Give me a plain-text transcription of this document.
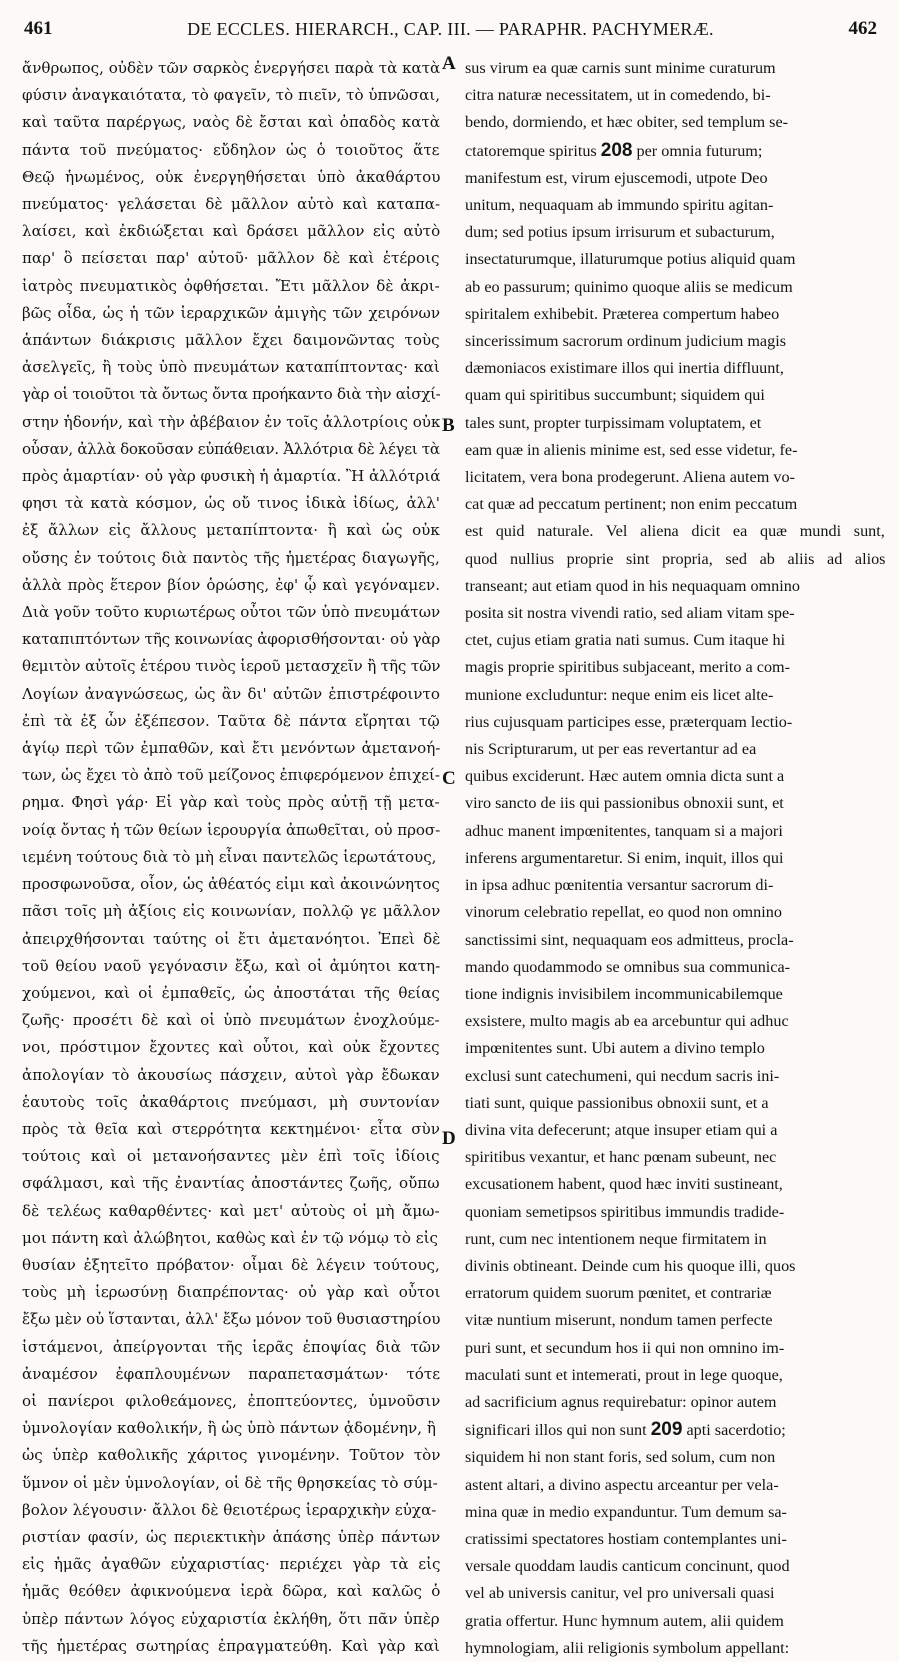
461	DE ECCLES. HIERARCH., CAP. III. — PARAPHR. PACHYMERÆ.	462
ἄνθρωπος, οὐδὲν τῶν σαρκὸς ἐνεργήσει παρὰ τὰ κατὰ
φύσιν ἀναγκαιότατα, τὸ φαγεῖν, τὸ πιεῖν, τὸ ὑπνῶσαι,
καὶ ταῦτα παρέργως, ναὸς δὲ ἔσται καὶ ὀπαδὸς κατὰ
πάντα τοῦ πνεύματος· εὔδηλον ὡς ὁ τοιοῦτος ἅτε
Θεῷ ἡνωμένος, οὐκ ἐνεργηθήσεται ὑπὸ ἀκαθάρτου
πνεύματος· γελάσεται δὲ μᾶλλον αὐτὸ καὶ καταπα-
λαίσει, καὶ ἐκδιώξεται καὶ δράσει μᾶλλον εἰς αὐτὸ
παρ' ὃ πείσεται παρ' αὐτοῦ· μᾶλλον δὲ καὶ ἑτέροις
ἰατρὸς πνευματικὸς ὀφθήσεται. Ἔτι μᾶλλον δὲ ἀκρι-
βῶς οἶδα, ὡς ἡ τῶν ἱεραρχικῶν ἀμιγὴς τῶν χειρόνων
ἁπάντων διάκρισις μᾶλλον ἔχει δαιμονῶντας τοὺς
ἀσελγεῖς, ἢ τοὺς ὑπὸ πνευμάτων καταπίπτοντας· καὶ
γὰρ οἱ τοιοῦτοι τὰ ὄντως ὄντα προήκαντο διὰ τὴν αἰσχί-
στην ἡδονήν, καὶ τὴν ἀβέβαιον ἐν τοῖς ἀλλοτρίοις οὐκ
οὖσαν, ἀλλὰ δοκοῦσαν εὐπάθειαν. Ἀλλότρια δὲ λέγει τὰ
πρὸς ἁμαρτίαν· οὐ γὰρ φυσικὴ ἡ ἁμαρτία. Ἢ ἀλλότριά
φησι τὰ κατὰ κόσμον, ὡς οὔ τινος ἰδικὰ ἰδίως, ἀλλ'
ἐξ ἄλλων εἰς ἄλλους μεταπίπτοντα· ἢ καὶ ὡς οὐκ
οὔσης ἐν τούτοις διὰ παντὸς τῆς ἡμετέρας διαγωγῆς,
ἀλλὰ πρὸς ἕτερον βίον ὁρώσης, ἐφ' ᾧ καὶ γεγόναμεν.
Διὰ γοῦν τοῦτο κυριωτέρως οὗτοι τῶν ὑπὸ πνευμάτων
καταπιπτόντων τῆς κοινωνίας ἀφορισθήσονται· οὐ γὰρ
θεμιτὸν αὐτοῖς ἑτέρου τινὸς ἱεροῦ μετασχεῖν ἢ τῆς τῶν
Λογίων ἀναγνώσεως, ὡς ἂν δι' αὐτῶν ἐπιστρέφοιντο
ἐπὶ τὰ ἐξ ὧν ἐξέπεσον. Ταῦτα δὲ πάντα εἴρηται τῷ
ἁγίῳ περὶ τῶν ἐμπαθῶν, καὶ ἔτι μενόντων ἀμετανοή-
των, ὡς ἔχει τὸ ἀπὸ τοῦ μείζονος ἐπιφερόμενον ἐπιχεί-
ρημα. Φησὶ γάρ· Εἰ γὰρ καὶ τοὺς πρὸς αὐτῇ τῇ μετα-
νοίᾳ ὄντας ἡ τῶν θείων ἱερουργία ἀπωθεῖται, οὐ προσ-
ιεμένη τούτους διὰ τὸ μὴ εἶναι παντελῶς ἱερωτάτους,
προσφωνοῦσα, οἷον, ὡς ἀθέατός εἰμι καὶ ἀκοινώνητος
πᾶσι τοῖς μὴ ἀξίοις εἰς κοινωνίαν, πολλῷ γε μᾶλλον
ἀπειρχθήσονται ταύτης οἱ ἔτι ἀμετανόητοι. Ἐπεὶ δὲ
τοῦ θείου ναοῦ γεγόνασιν ἔξω, καὶ οἱ ἀμύητοι κατη-
χούμενοι, καὶ οἱ ἐμπαθεῖς, ὡς ἀποστάται τῆς θείας
ζωῆς· προσέτι δὲ καὶ οἱ ὑπὸ πνευμάτων ἐνοχλούμε-
νοι, πρόστιμον ἔχοντες καὶ οὗτοι, καὶ οὐκ ἔχοντες
ἀπολογίαν τὸ ἀκουσίως πάσχειν, αὐτοὶ γὰρ ἔδωκαν
ἑαυτοὺς τοῖς ἀκαθάρτοις πνεύμασι, μὴ συντονίαν
πρὸς τὰ θεῖα καὶ στερρότητα κεκτημένοι· εἶτα σὺν
τούτοις καὶ οἱ μετανοήσαντες μὲν ἐπὶ τοῖς ἰδίοις
σφάλμασι, καὶ τῆς ἐναντίας ἀποστάντες ζωῆς, οὔπω
δὲ τελέως καθαρθέντες· καὶ μετ' αὐτοὺς οἱ μὴ ἄμω-
μοι πάντη καὶ ἀλώβητοι, καθὼς καὶ ἐν τῷ νόμῳ τὸ εἰς
θυσίαν ἐξητεῖτο πρόβατον· οἶμαι δὲ λέγειν τούτους,
τοὺς μὴ ἱερωσύνῃ διαπρέποντας· οὐ γὰρ καὶ οὗτοι
ἔξω μὲν οὐ ἵστανται, ἀλλ' ἔξω μόνον τοῦ θυσιαστηρίου
ἱστάμενοι, ἀπείργονται τῆς ἱερᾶς ἐποψίας διὰ τῶν
ἀναμέσον ἐφαπλουμένων παραπετασμάτων· τότε
οἱ πανίεροι φιλοθεάμονες, ἐποπτεύοντες, ὑμνοῦσιν
ὑμνολογίαν καθολικήν, ἢ ὡς ὑπὸ πάντων ᾀδομένην, ἢ
ὡς ὑπὲρ καθολικῆς χάριτος γινομένην. Τοῦτον τὸν
ὕμνον οἱ μὲν ὑμνολογίαν, οἱ δὲ τῆς θρησκείας τὸ σύμ-
βολον λέγουσιν· ἄλλοι δὲ θειοτέρως ἱεραρχικὴν εὐχα-
ριστίαν φασίν, ὡς περιεκτικὴν ἁπάσης ὑπὲρ πάντων
εἰς ἡμᾶς ἀγαθῶν εὐχαριστίας· περιέχει γὰρ τὰ εἰς
ἡμᾶς θεόθεν ἀφικνούμενα ἱερὰ δῶρα, καὶ καλῶς ὁ
ὑπὲρ πάντων λόγος εὐχαριστία ἐκλήθη, ὅτι πᾶν ὑπὲρ
τῆς ἡμετέρας σωτηρίας ἐπραγματεύθη. Καὶ γὰρ καὶ
A
B
C
D
sus virum ea quæ carnis sunt minime curaturum
citra naturæ necessitatem, ut in comedendo, bi-
bendo, dormiendo, et hæc obiter, sed templum se-
ctatoremque spiritus 208 per omnia futurum;
manifestum est, virum ejuscemodi, utpote Deo
unitum, nequaquam ab immundo spiritu agitan-
dum; sed potius ipsum irrisurum et subacturum,
insectaturumque, illaturumque potius aliquid quam
ab eo passurum; quinimo quoque aliis se medicum
spiritalem exhibebit. Præterea compertum habeo
sincerissimum sacrorum ordinum judicium magis
dæmoniacos existimare illos qui inertia diffluunt,
quam qui spiritibus succumbunt; siquidem qui
tales sunt, propter turpissimam voluptatem, et
eam quæ in alienis minime est, sed esse videtur, fe-
licitatem, vera bona prodegerunt. Aliena autem vo-
cat quæ ad peccatum pertinent; non enim peccatum
est quid naturale. Vel aliena dicit ea quæ mundi sunt,
quod nullius proprie sint propria, sed ab aliis ad alios
transeant; aut etiam quod in his nequaquam omnino
posita sit nostra vivendi ratio, sed aliam vitam spe-
ctet, cujus etiam gratia nati sumus. Cum itaque hi
magis proprie spiritibus subjaceant, merito a com-
munione excluduntur: neque enim eis licet alte-
rius cujusquam participes esse, præterquam lectio-
nis Scripturarum, ut per eas revertantur ad ea
quibus exciderunt. Hæc autem omnia dicta sunt a
viro sancto de iis qui passionibus obnoxii sunt, et
adhuc manent impœnitentes, tanquam si a majori
inferens argumentaretur. Si enim, inquit, illos qui
in ipsa adhuc pœnitentia versantur sacrorum di-
vinorum celebratio repellat, eo quod non omnino
sanctissimi sint, nequaquam eos admitteus, procla-
mando quodammodo se omnibus sua communica-
tione indignis invisibilem incommunicabilemque
exsistere, multo magis ab ea arcebuntur qui adhuc
impœnitentes sunt. Ubi autem a divino templo
exclusi sunt catechumeni, qui necdum sacris ini-
tiati sunt, quique passionibus obnoxii sunt, et a
divina vita defecerunt; atque insuper etiam qui a
spiritibus vexantur, et hanc pœnam subeunt, nec
excusationem habent, quod hæc inviti sustineant,
quoniam semetipsos spiritibus immundis tradide-
runt, cum nec intentionem neque firmitatem in
divinis obtineant. Deinde cum his quoque illi, quos
erratorum quidem suorum pœnitet, et contrariæ
vitæ nuntium miserunt, nondum tamen perfecte
puri sunt, et secundum hos ii qui non omnino im-
maculati sunt et intemerati, prout in lege quoque,
ad sacrificium agnus requirebatur: opinor autem
significari illos qui non sunt 209 apti sacerdotio;
siquidem hi non stant foris, sed solum, cum non
astent altari, a divino aspectu arceantur per vela-
mina quæ in medio expanduntur. Tum demum sa-
cratissimi spectatores hostiam contemplantes uni-
versale quoddam laudis canticum concinunt, quod
vel ab universis canitur, vel pro universali quasi
gratia offertur. Hunc hymnum autem, alii quidem
hymnologiam, alii religionis symbolum appellant:
